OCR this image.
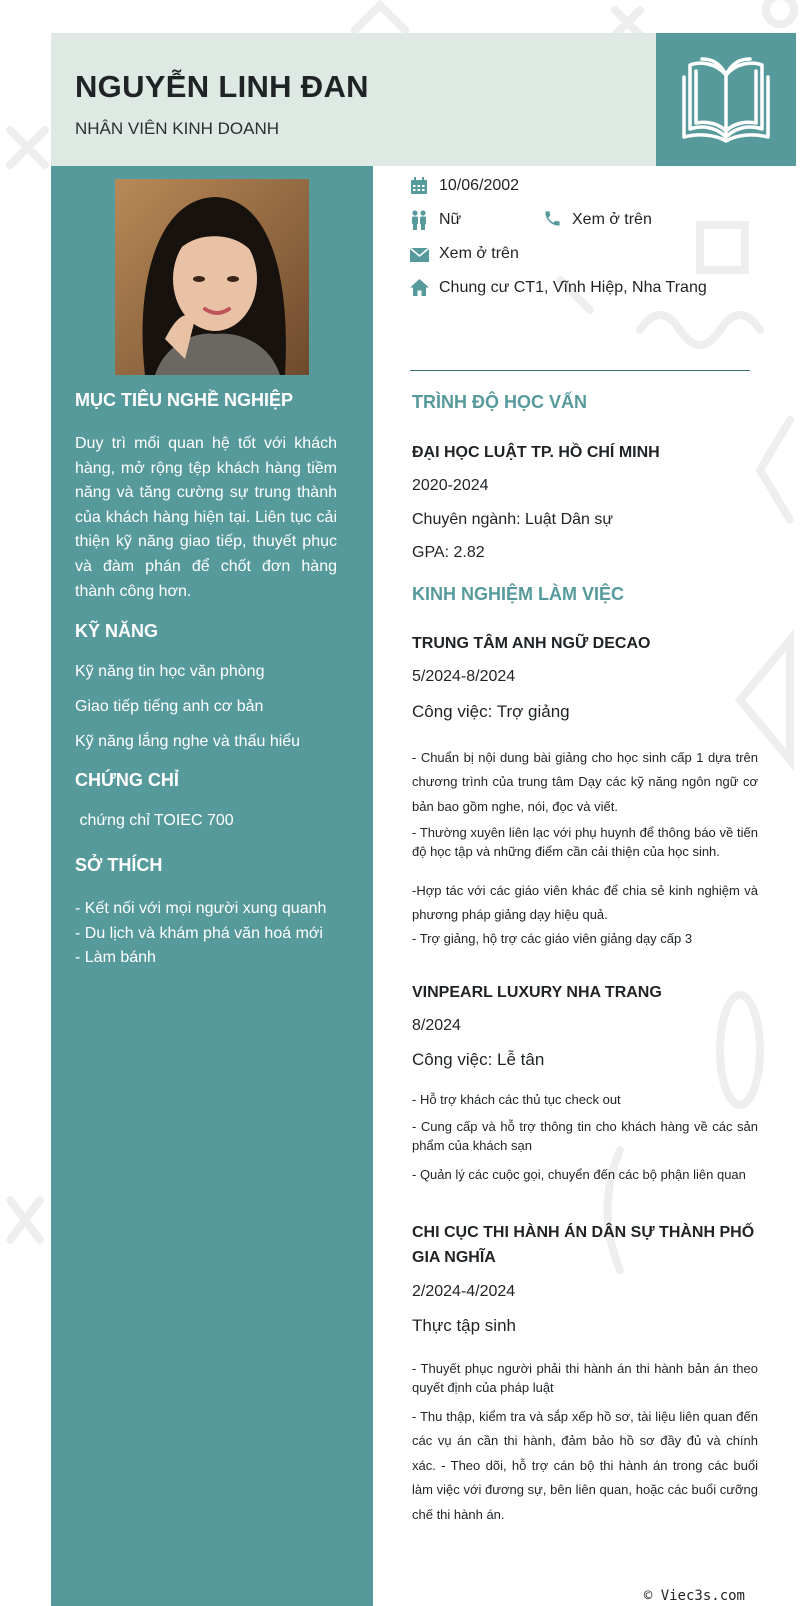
NGUYỄN LINH ĐAN

NHÂN VIÊN KINH DOANH

MỤC TIÊU NGHỀ NGHIỆP

Duy trì mối quan hệ tốt với khách hàng, mở rộng tệp khách hàng tiềm năng và tăng cường sự trung thành của khách hàng hiện tại. Liên tục cải thiện kỹ năng giao tiếp, thuyết phục và đàm phán để chốt đơn hàng thành công hơn.

KỸ NĂNG

Kỹ năng tin học văn phòng

Giao tiếp tiếng anh cơ bản

Kỹ năng lắng nghe và thấu hiểu

CHỨNG CHỈ

chứng chỉ TOIEC 700

SỞ THÍCH

- Kết nối với mọi người xung quanh
- Du lịch và khám phá văn hoá mới
- Làm bánh

10/06/2002

Nữ	Xem ở trên

Xem ở trên

Chung cư CT1, Vĩnh Hiệp, Nha Trang

TRÌNH ĐỘ HỌC VẤN

ĐẠI HỌC LUẬT TP. HỒ CHÍ MINH

2020-2024

Chuyên ngành: Luật Dân sự

GPA: 2.82

KINH NGHIỆM LÀM VIỆC

TRUNG TÂM ANH NGỮ DECAO

5/2024-8/2024

Công việc: Trợ giảng

- Chuẩn bị nội dung bài giảng cho học sinh cấp 1 dựa trên chương trình của trung tâm Dạy các kỹ năng ngôn ngữ cơ bản bao gồm nghe, nói, đọc và viết.

- Thường xuyên liên lạc với phụ huynh để thông báo về tiến độ học tập và những điểm cần cải thiện của học sinh.

-Hợp tác với các giáo viên khác để chia sẻ kinh nghiệm và phương pháp giảng dạy hiệu quả.

- Trợ giảng, hộ trợ các giáo viên giảng dạy cấp 3

VINPEARL LUXURY NHA TRANG

8/2024

Công việc: Lễ tân

- Hỗ trợ khách các thủ tục check out

- Cung cấp và hỗ trợ thông tin cho khách hàng về các sản phẩm của khách sạn

- Quản lý các cuộc gọi, chuyển đến các bộ phận liên quan

CHI CỤC THI HÀNH ÁN DÂN SỰ THÀNH PHỐ GIA NGHĨA

2/2024-4/2024

Thực tập sinh

- Thuyết phục người phải thi hành án thi hành bản án theo quyết định của pháp luật

- Thu thập, kiểm tra và sắp xếp hồ sơ, tài liệu liên quan đến các vụ án cần thi hành, đảm bảo hồ sơ đầy đủ và chính xác. - Theo dõi, hỗ trợ cán bộ thi hành án trong các buổi làm việc với đương sự, bên liên quan, hoặc các buổi cưỡng chế thi hành án.

© Viec3s.com
